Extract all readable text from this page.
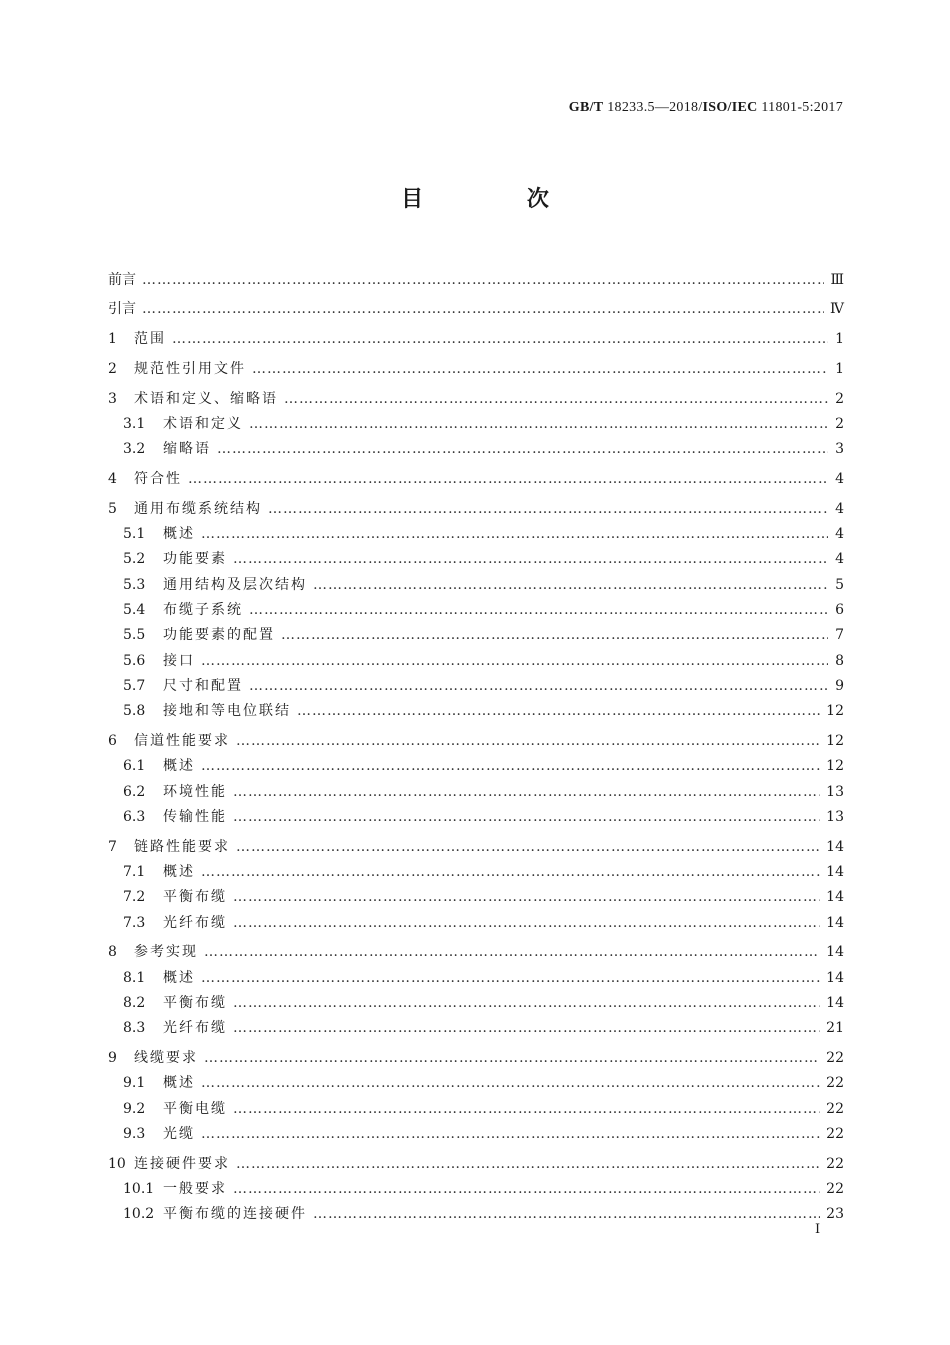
GB/T 18233.5—2018/ISO/IEC 11801-5:2017
目 次
前言 …………………………………………………………………………………………………………………………………………………………………………………………………	Ⅲ
引言 …………………………………………………………………………………………………………………………………………………………………………………………………	Ⅳ
1	范围 …………………………………………………………………………………………………………………………………………………………………………………………………	1
2	规范性引用文件 …………………………………………………………………………………………………………………………………………………………………………………………………	1
3	术语和定义、缩略语 …………………………………………………………………………………………………………………………………………………………………………………………………	2
3.1	术语和定义 …………………………………………………………………………………………………………………………………………………………………………………………………	2
3.2	缩略语 …………………………………………………………………………………………………………………………………………………………………………………………………	3
4	符合性 …………………………………………………………………………………………………………………………………………………………………………………………………	4
5	通用布缆系统结构 …………………………………………………………………………………………………………………………………………………………………………………………………	4
5.1	概述 …………………………………………………………………………………………………………………………………………………………………………………………………	4
5.2	功能要素 …………………………………………………………………………………………………………………………………………………………………………………………………	4
5.3	通用结构及层次结构 …………………………………………………………………………………………………………………………………………………………………………………………………	5
5.4	布缆子系统 …………………………………………………………………………………………………………………………………………………………………………………………………	6
5.5	功能要素的配置 …………………………………………………………………………………………………………………………………………………………………………………………………	7
5.6	接口 …………………………………………………………………………………………………………………………………………………………………………………………………	8
5.7	尺寸和配置 …………………………………………………………………………………………………………………………………………………………………………………………………	9
5.8	接地和等电位联结 …………………………………………………………………………………………………………………………………………………………………………………………………	12
6	信道性能要求 …………………………………………………………………………………………………………………………………………………………………………………………………	12
6.1	概述 …………………………………………………………………………………………………………………………………………………………………………………………………	12
6.2	环境性能 …………………………………………………………………………………………………………………………………………………………………………………………………	13
6.3	传输性能 …………………………………………………………………………………………………………………………………………………………………………………………………	13
7	链路性能要求 …………………………………………………………………………………………………………………………………………………………………………………………………	14
7.1	概述 …………………………………………………………………………………………………………………………………………………………………………………………………	14
7.2	平衡布缆 …………………………………………………………………………………………………………………………………………………………………………………………………	14
7.3	光纤布缆 …………………………………………………………………………………………………………………………………………………………………………………………………	14
8	参考实现 …………………………………………………………………………………………………………………………………………………………………………………………………	14
8.1	概述 …………………………………………………………………………………………………………………………………………………………………………………………………	14
8.2	平衡布缆 …………………………………………………………………………………………………………………………………………………………………………………………………	14
8.3	光纤布缆 …………………………………………………………………………………………………………………………………………………………………………………………………	21
9	线缆要求 …………………………………………………………………………………………………………………………………………………………………………………………………	22
9.1	概述 …………………………………………………………………………………………………………………………………………………………………………………………………	22
9.2	平衡电缆 …………………………………………………………………………………………………………………………………………………………………………………………………	22
9.3	光缆 …………………………………………………………………………………………………………………………………………………………………………………………………	22
10 连接硬件要求 …………………………………………………………………………………………………………………………………………………………………………………………………	22
10.1 一般要求 …………………………………………………………………………………………………………………………………………………………………………………………………	22
10.2 平衡布缆的连接硬件 …………………………………………………………………………………………………………………………………………………………………………………………………	23
I
